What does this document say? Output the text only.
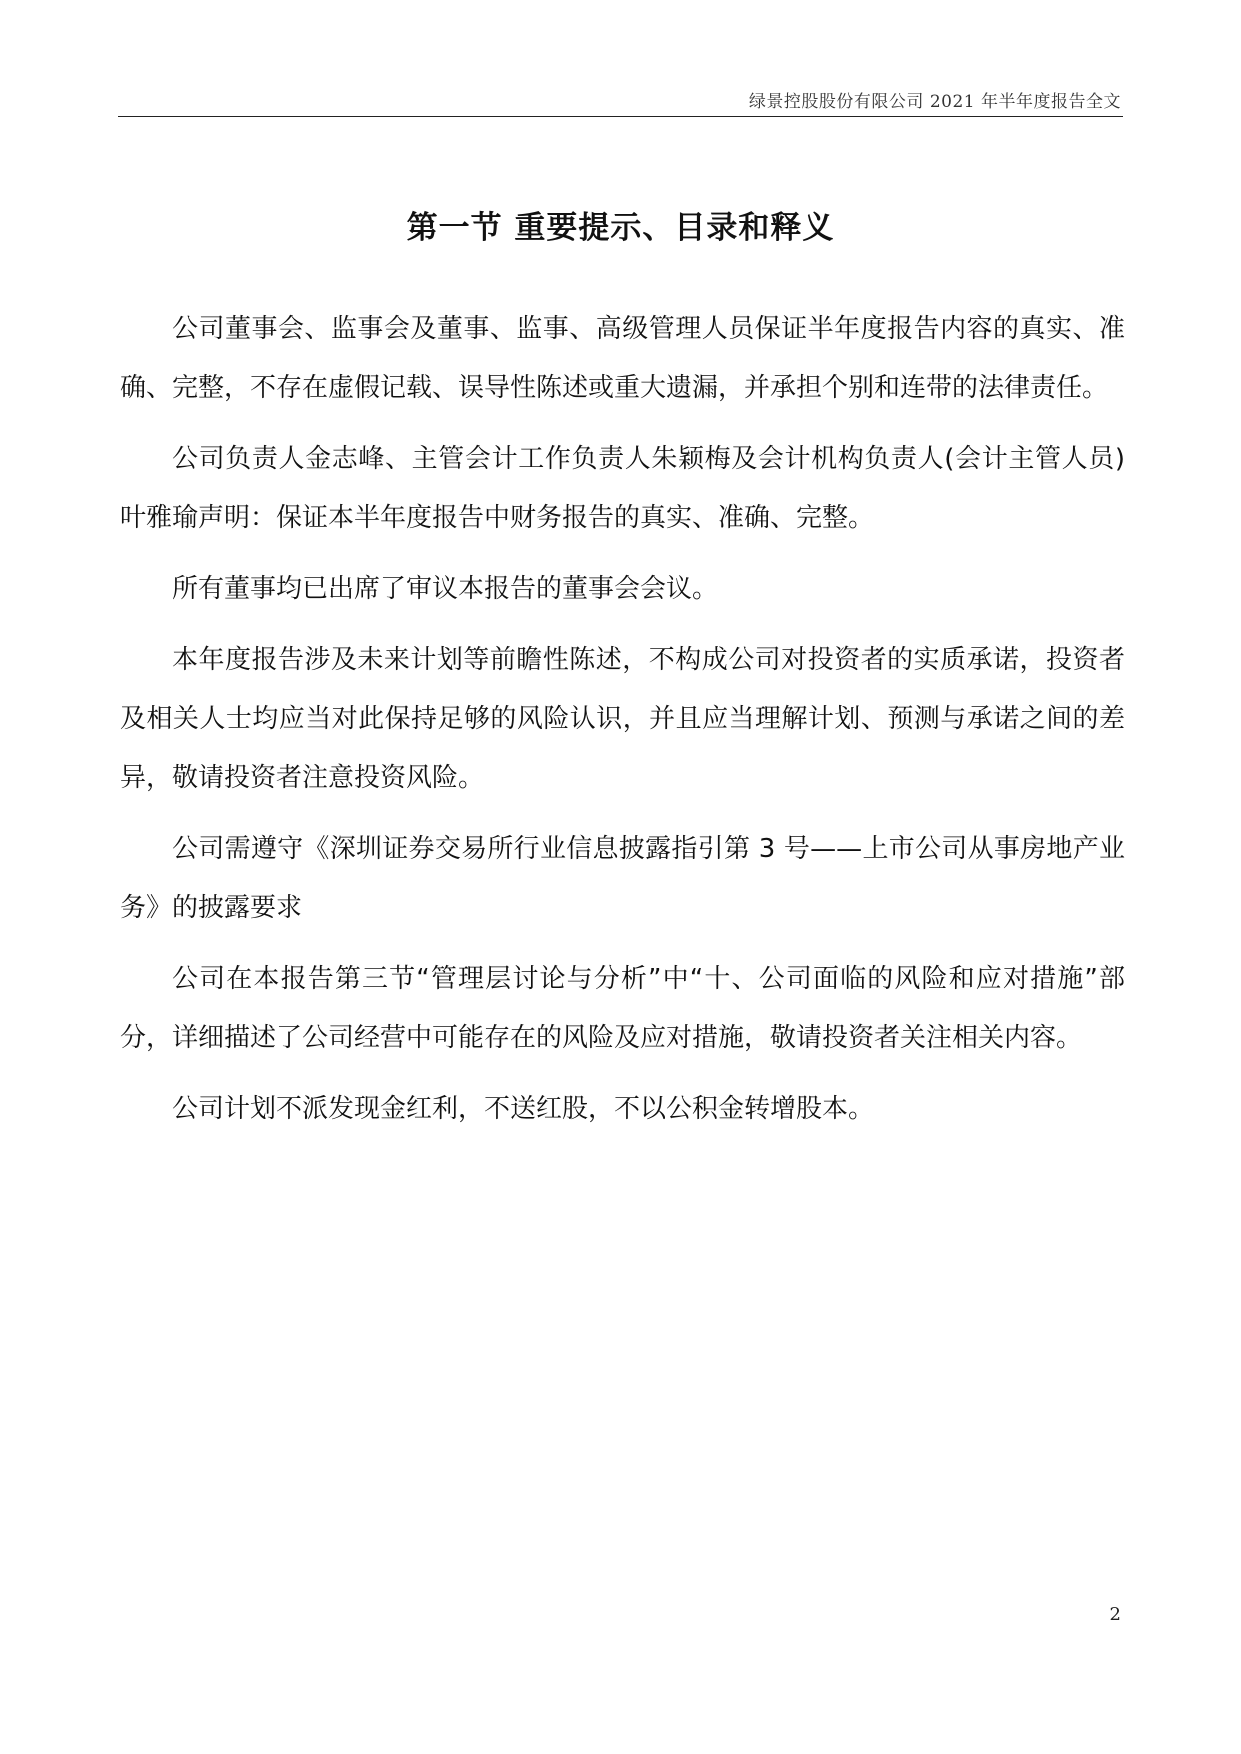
绿景控股股份有限公司 2021 年半年度报告全文
第一节 重要提示、目录和释义

公司董事会、监事会及董事、监事、高级管理人员保证半年度报告内容的真实、准确、完整，不存在虚假记载、误导性陈述或重大遗漏，并承担个别和连带的法律责任。

公司负责人金志峰、主管会计工作负责人朱颖梅及会计机构负责人(会计主管人员)叶雅瑜声明：保证本半年度报告中财务报告的真实、准确、完整。

所有董事均已出席了审议本报告的董事会会议。

本年度报告涉及未来计划等前瞻性陈述，不构成公司对投资者的实质承诺，投资者及相关人士均应当对此保持足够的风险认识，并且应当理解计划、预测与承诺之间的差异，敬请投资者注意投资风险。

公司需遵守《深圳证券交易所行业信息披露指引第 3 号——上市公司从事房地产业务》的披露要求

公司在本报告第三节“管理层讨论与分析”中“十、公司面临的风险和应对措施”部分，详细描述了公司经营中可能存在的风险及应对措施，敬请投资者关注相关内容。

公司计划不派发现金红利，不送红股，不以公积金转增股本。

2
